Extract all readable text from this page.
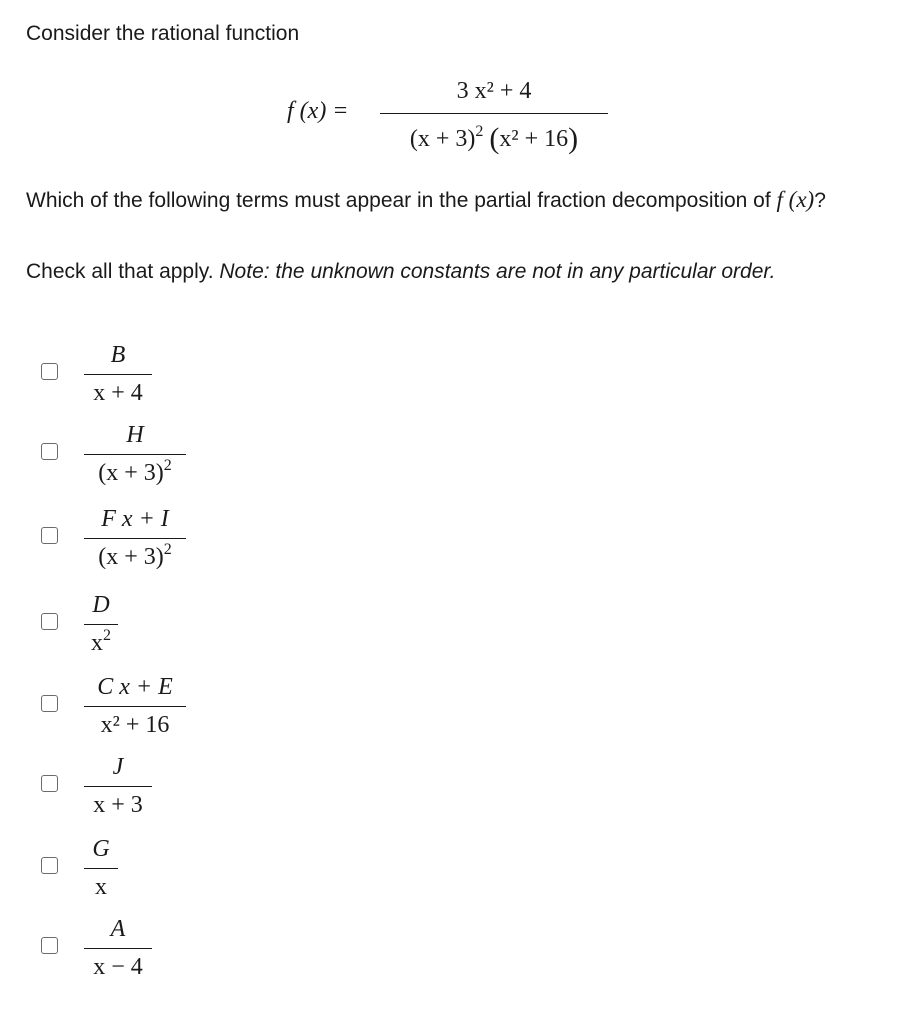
Consider the rational function

f (x) =
3 x² + 4
$(x + 3)^2$ (x² + 16)

Which of the following terms must appear in the partial fraction decomposition of f (x)?

Check all that apply. Note: the unknown constants are not in any particular order.

B
x + 4
H
$(x + 3)^2$
F x + I
$(x + 3)^2$
D
$x^2$
C x + E
x² + 16
J
x + 3
G
x
A
x − 4
